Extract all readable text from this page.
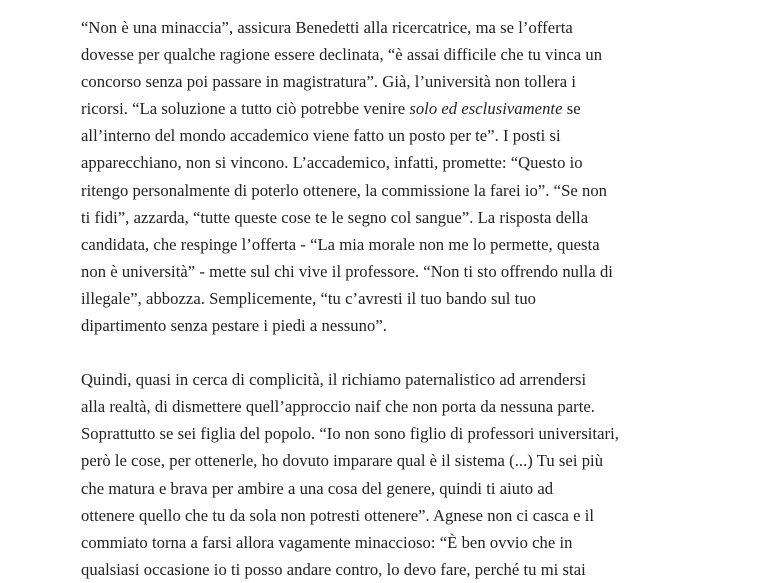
“Non è una minaccia”, assicura Benedetti alla ricercatrice, ma se l’offerta
dovesse per qualche ragione essere declinata, “è assai difficile che tu vinca un
concorso senza poi passare in magistratura”. Già, l’università non tollera i
ricorsi. “La soluzione a tutto ciò potrebbe venire solo ed esclusivamente se
all’interno del mondo accademico viene fatto un posto per te”. I posti si
apparecchiano, non si vincono. L’accademico, infatti, promette: “Questo io
ritengo personalmente di poterlo ottenere, la commissione la farei io”. “Se non
ti fidi”, azzarda, “tutte queste cose te le segno col sangue”. La risposta della
candidata, che respinge l’offerta - “La mia morale non me lo permette, questa
non è università” - mette sul chi vive il professore. “Non ti sto offrendo nulla di
illegale”, abbozza. Semplicemente, “tu c’avresti il tuo bando sul tuo
dipartimento senza pestare i piedi a nessuno”.

Quindi, quasi in cerca di complicità, il richiamo paternalistico ad arrendersi
alla realtà, di dismettere quell’approccio naif che non porta da nessuna parte.
Soprattutto se sei figlia del popolo. “Io non sono figlio di professori universitari,
però le cose, per ottenerle, ho dovuto imparare qual è il sistema (...) Tu sei più
che matura e brava per ambire a una cosa del genere, quindi ti aiuto ad
ottenere quello che tu da sola non potresti ottenere”. Agnese non ci casca e il
commiato torna a farsi allora vagamente minaccioso: “È ben ovvio che in
qualsiasi occasione io ti posso andare contro, lo devo fare, perché tu mi stai
